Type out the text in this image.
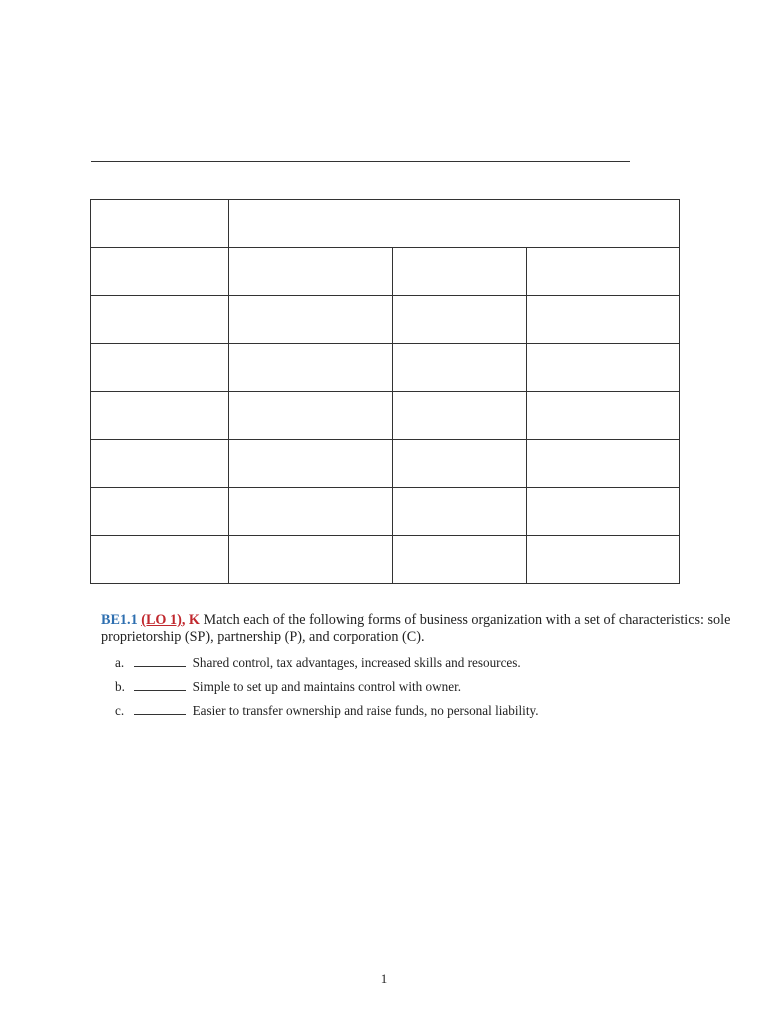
BE1.1 (LO 1), K Match each of the following forms of business organization with a set of characteristics: sole proprietorship (SP), partnership (P), and corporation (C).
a.	Shared control, tax advantages, increased skills and resources.
b.	Simple to set up and maintains control with owner.
c.	Easier to transfer ownership and raise funds, no personal liability.
1
